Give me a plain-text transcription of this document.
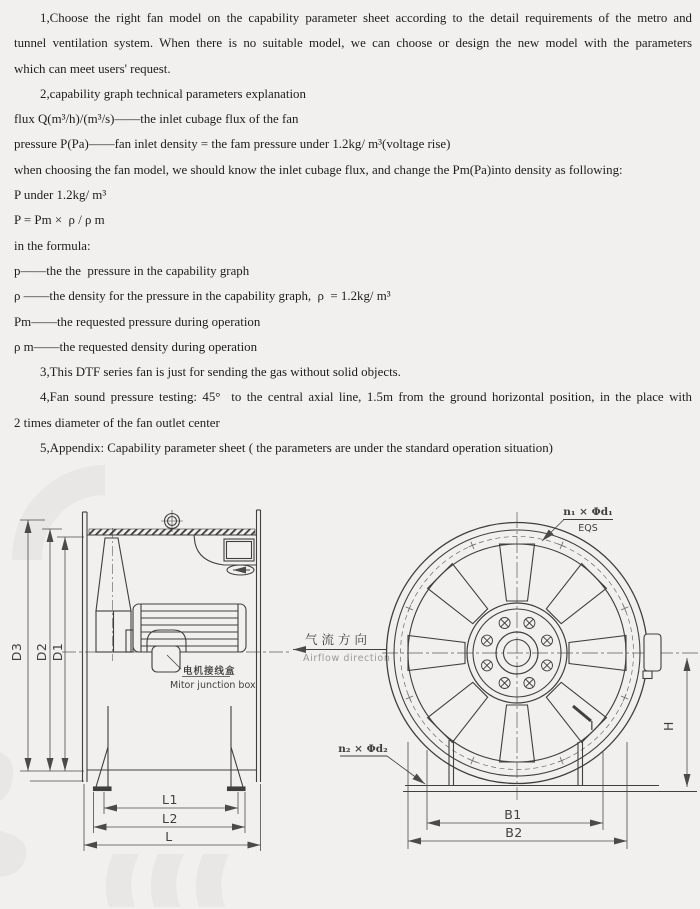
1,Choose the right fan model on the capability parameter sheet according to the detail requirements of the metro and
tunnel ventilation system. When there is no suitable model, we can choose or design the new model with the parameters
which can meet users' request.
2,capability graph technical parameters explanation
flux Q(m³/h)/(m³/s)——the inlet cubage flux of the fan
pressure P(Pa)——fan inlet density = the fam pressure under 1.2kg/ m³(voltage rise)
when choosing the fan model, we should know the inlet cubage flux, and change the Pm(Pa)into density as following:
P under 1.2kg/ m³
P = Pm ×  ρ / ρ m
in the formula:
p——the the  pressure in the capability graph
ρ ——the density for the pressure in the capability graph,  ρ  = 1.2kg/ m³
Pm——the requested pressure during operation
ρ m——the requested density during operation
3,This DTF series fan is just for sending the gas without solid objects.
4,Fan sound pressure testing: 45°  to the central axial line, 1.5m from the ground horizontal position, in the place with
2 times diameter of the fan outlet center
5,Appendix: Capability parameter sheet ( the parameters are under the standard operation situation)
D3 D2 D1
L1
L2
L
电机接线盒
Mitor junction box
气流方向
Airflow direction
I
B1
B2
H
n₁ × Φd₁
EQS
n₂ × Φd₂
